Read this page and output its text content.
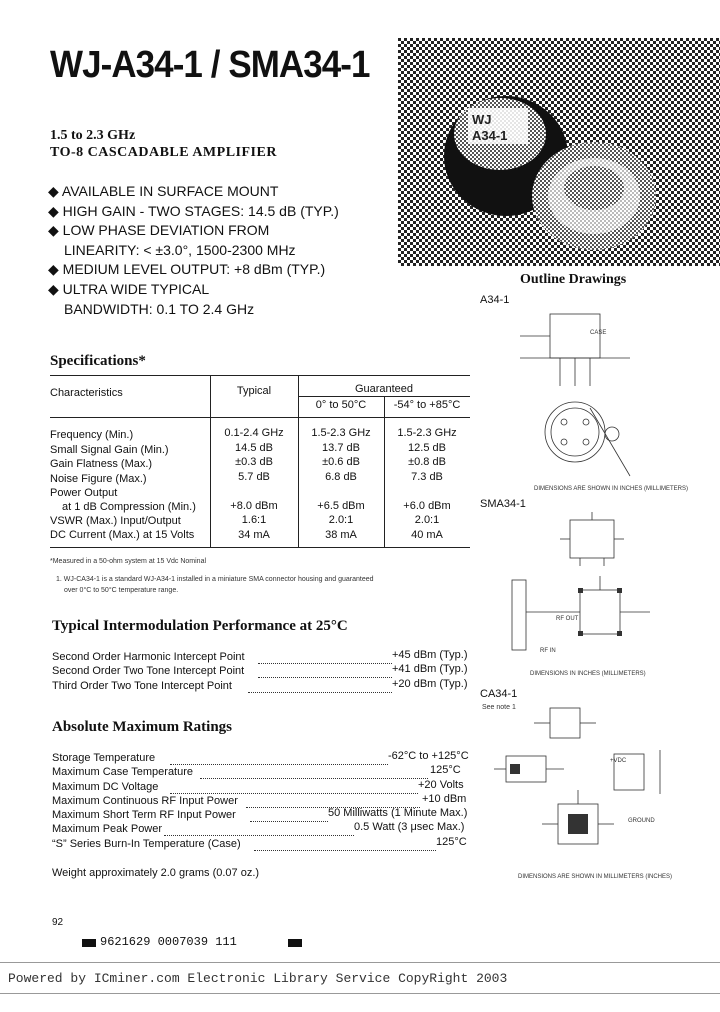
WJ-A34-1 / SMA34-1
WJ
A34-1
1.5 to 2.3 GHz
TO-8 CASCADABLE AMPLIFIER
◆ AVAILABLE IN SURFACE MOUNT
◆ HIGH GAIN - TWO STAGES: 14.5 dB (TYP.)
◆ LOW PHASE DEVIATION FROM
LINEARITY: < ±3.0°, 1500-2300 MHz
◆ MEDIUM LEVEL OUTPUT: +8 dBm (TYP.)
◆ ULTRA WIDE TYPICAL
BANDWIDTH: 0.1 TO 2.4 GHz
Outline Drawings
A34-1
SMA34-1
CA34-1
See note 1
DIMENSIONS ARE SHOWN IN INCHES (MILLIMETERS)
DIMENSIONS IN INCHES (MILLIMETERS)
DIMENSIONS ARE SHOWN IN MILLIMETERS (INCHES)
RF IN
RF OUT
+VDC
GROUND
CASE
Specifications*
Characteristics	Typical	Guaranteed
0° to 50°C	-54° to +85°C
Frequency (Min.)	0.1-2.4 GHz	1.5-2.3 GHz	1.5-2.3 GHz
Small Signal Gain (Min.)	14.5 dB	13.7 dB	12.5 dB
Gain Flatness (Max.)	±0.3 dB	±0.6 dB	±0.8 dB
Noise Figure (Max.)	5.7 dB	6.8 dB	7.3 dB
Power Output
at 1 dB Compression (Min.)	+8.0 dBm	+6.5 dBm	+6.0 dBm
VSWR (Max.) Input/Output	1.6:1	2.0:1	2.0:1
DC Current (Max.) at 15 Volts	34 mA	38 mA	40 mA
*Measured in a 50-ohm system at 15 Vdc Nominal
1. WJ-CA34-1 is a standard WJ-A34-1 installed in a miniature SMA connector housing and guaranteed
over 0°C to 50°C temperature range.
Typical Intermodulation Performance at 25°C
Second Order Harmonic Intercept Point	+45 dBm (Typ.)
Second Order Two Tone Intercept Point	+41 dBm (Typ.)
Third Order Two Tone Intercept Point	+20 dBm (Typ.)
Absolute Maximum Ratings
Storage Temperature	-62°C to +125°C
Maximum Case Temperature	125°C
Maximum DC Voltage	+20 Volts
Maximum Continuous RF Input Power	+10 dBm
Maximum Short Term RF Input Power	50 Milliwatts (1 Minute Max.)
Maximum Peak Power	0.5 Watt (3 μsec Max.)
“S” Series Burn-In Temperature (Case)	125°C
Weight approximately 2.0 grams (0.07 oz.)
92
9621629 0007039 111
Powered by ICminer.com Electronic Library Service CopyRight 2003
